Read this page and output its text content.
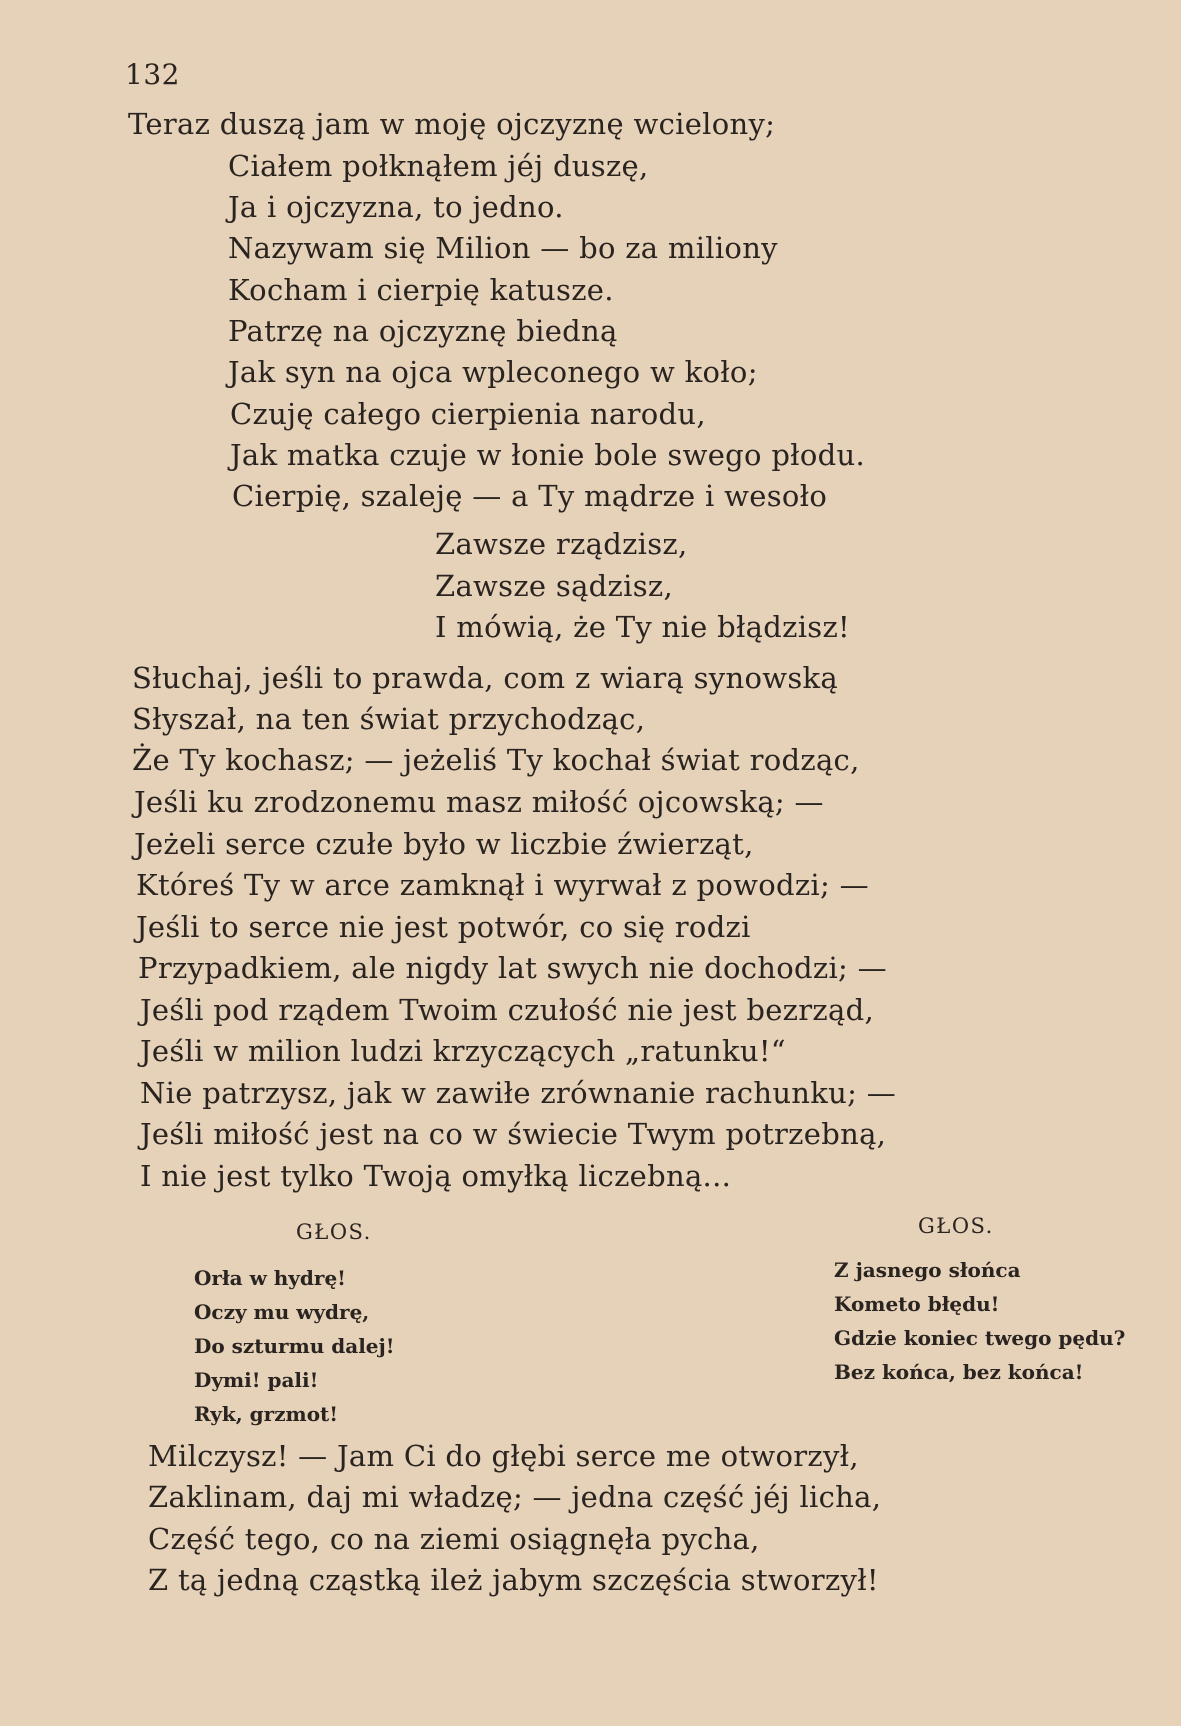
132
Teraz duszą jam w moję ojczyznę wcielony;
Ciałem połknąłem jéj duszę,
Ja i ojczyzna, to jedno.
Nazywam się Milion — bo za miliony
Kocham i cierpię katusze.
Patrzę na ojczyznę biedną
Jak syn na ojca wpleconego w koło;
Czuję całego cierpienia narodu,
Jak matka czuje w łonie bole swego płodu.
Cierpię, szaleję — a Ty mądrze i wesoło
Zawsze rządzisz,
Zawsze sądzisz,
I mówią, że Ty nie błądzisz!
Słuchaj, jeśli to prawda, com z wiarą synowską
Słyszał, na ten świat przychodząc,
Że Ty kochasz; — jeżeliś Ty kochał świat rodząc,
Jeśli ku zrodzonemu masz miłość ojcowską; —
Jeżeli serce czułe było w liczbie źwierząt,
Któreś Ty w arce zamknął i wyrwał z powodzi; —
Jeśli to serce nie jest potwór, co się rodzi
Przypadkiem, ale nigdy lat swych nie dochodzi; —
Jeśli pod rządem Twoim czułość nie jest bezrząd,
Jeśli w milion ludzi krzyczących „ratunku!“
Nie patrzysz, jak w zawiłe zrównanie rachunku; —
Jeśli miłość jest na co w świecie Twym potrzebną,
I nie jest tylko Twoją omyłką liczebną...
GŁOS.
Orła w hydrę!
Oczy mu wydrę,
Do szturmu dalej!
Dymi! pali!
Ryk, grzmot!
GŁOS.
Z jasnego słońca
Kometo błędu!
Gdzie koniec twego pędu?
Bez końca, bez końca!
Milczysz! — Jam Ci do głębi serce me otworzył,
Zaklinam, daj mi władzę; — jedna część jéj licha,
Część tego, co na ziemi osiągnęła pycha,
Z tą jedną cząstką ileż jabym szczęścia stworzył!
